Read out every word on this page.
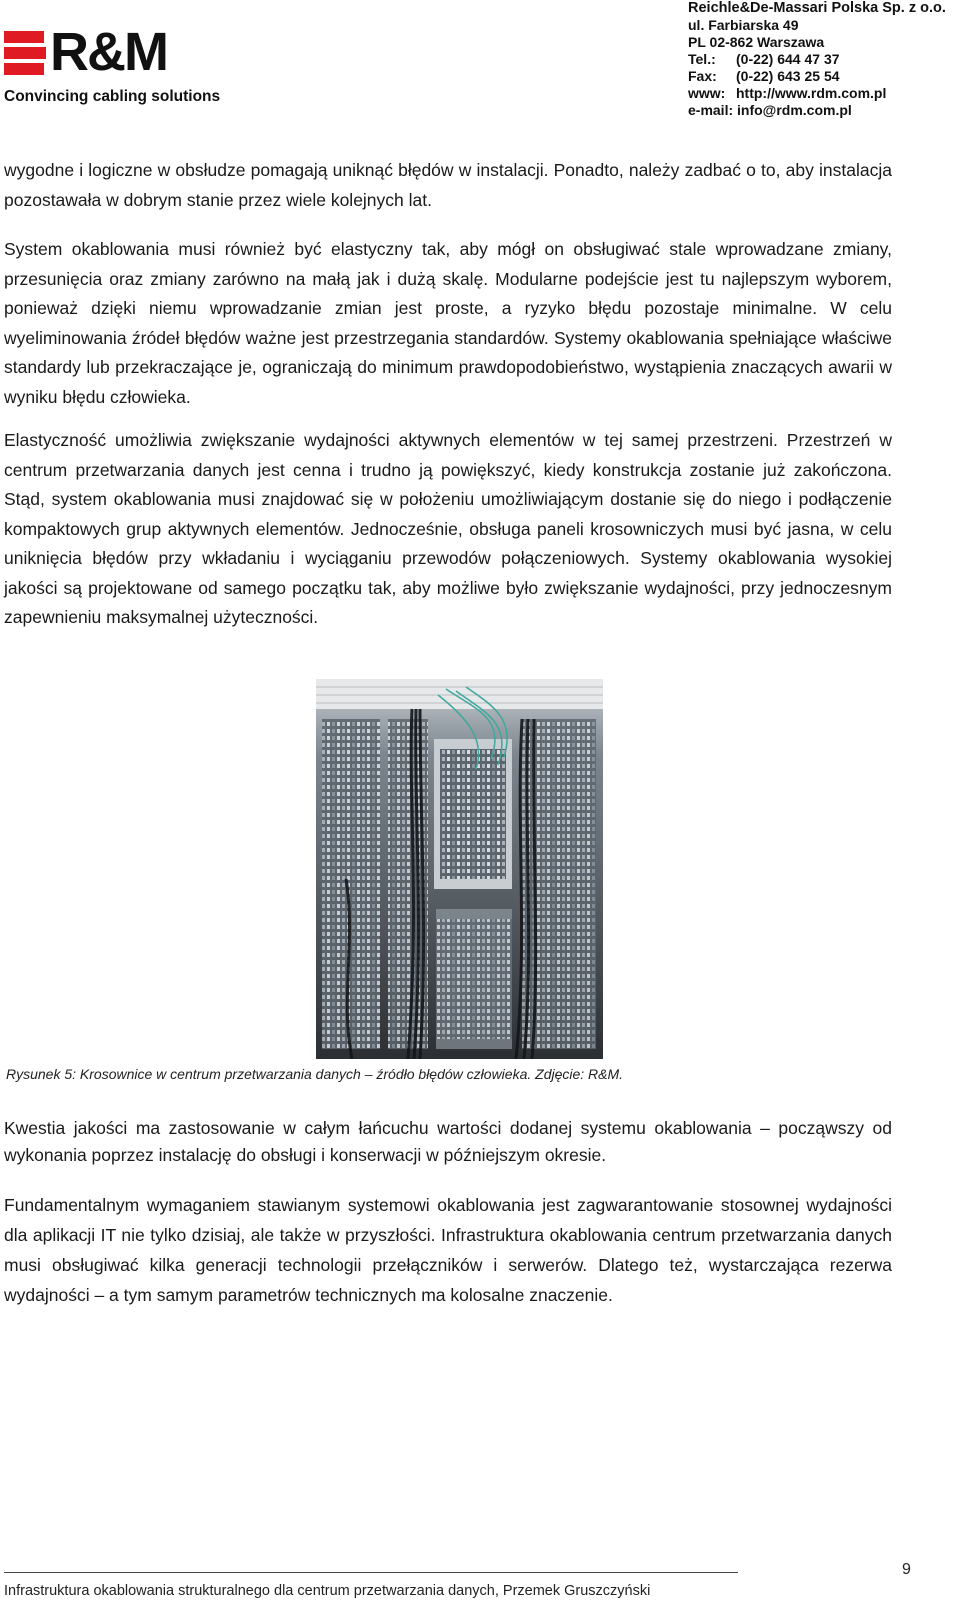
R&M
Convincing cabling solutions
Reichle&De-Massari Polska Sp. z o.o.
ul. Farbiarska 49
PL 02-862 Warszawa
Tel.: (0-22) 644 47 37
Fax: (0-22) 643 25 54
www: http://www.rdm.com.pl
e-mail: info@rdm.com.pl

wygodne i logiczne w obsłudze pomagają uniknąć błędów w instalacji. Ponadto, należy zadbać o to, aby instalacja pozostawała w dobrym stanie przez wiele kolejnych lat.

System okablowania musi również być elastyczny tak, aby mógł on obsługiwać stale wprowadzane zmiany, przesunięcia oraz zmiany zarówno na małą jak i dużą skalę. Modularne podejście jest tu najlepszym wyborem, ponieważ dzięki niemu wprowadzanie zmian jest proste, a ryzyko błędu pozostaje minimalne. W celu wyeliminowania źródeł błędów ważne jest przestrzegania standardów. Systemy okablowania spełniające właściwe standardy lub przekraczające je, ograniczają do minimum prawdopodobieństwo, wystąpienia znaczących awarii w wyniku błędu człowieka.

Elastyczność umożliwia zwiększanie wydajności aktywnych elementów w tej samej przestrzeni. Przestrzeń w centrum przetwarzania danych jest cenna i trudno ją powiększyć, kiedy konstrukcja zostanie już zakończona. Stąd, system okablowania musi znajdować się w położeniu umożliwiającym dostanie się do niego i podłączenie kompaktowych grup aktywnych elementów. Jednocześnie, obsługa paneli krosowniczych musi być jasna, w celu uniknięcia błędów przy wkładaniu i wyciąganiu przewodów połączeniowych. Systemy okablowania wysokiej jakości są projektowane od samego początku tak, aby możliwe było zwiększanie wydajności, przy jednoczesnym zapewnieniu maksymalnej użyteczności.

Rysunek 5: Krosownice w centrum przetwarzania danych – źródło błędów człowieka. Zdjęcie: R&M.

Kwestia jakości ma zastosowanie w całym łańcuchu wartości dodanej systemu okablowania – począwszy od wykonania poprzez instalację do obsługi i konserwacji w późniejszym okresie.

Fundamentalnym wymaganiem stawianym systemowi okablowania jest zagwarantowanie stosownej wydajności dla aplikacji IT nie tylko dzisiaj, ale także w przyszłości. Infrastruktura okablowania centrum przetwarzania danych musi obsługiwać kilka generacji technologii przełączników i serwerów. Dlatego też, wystarczająca rezerwa wydajności – a tym samym parametrów technicznych ma kolosalne znaczenie.

9
Infrastruktura okablowania strukturalnego dla centrum przetwarzania danych, Przemek Gruszczyński
